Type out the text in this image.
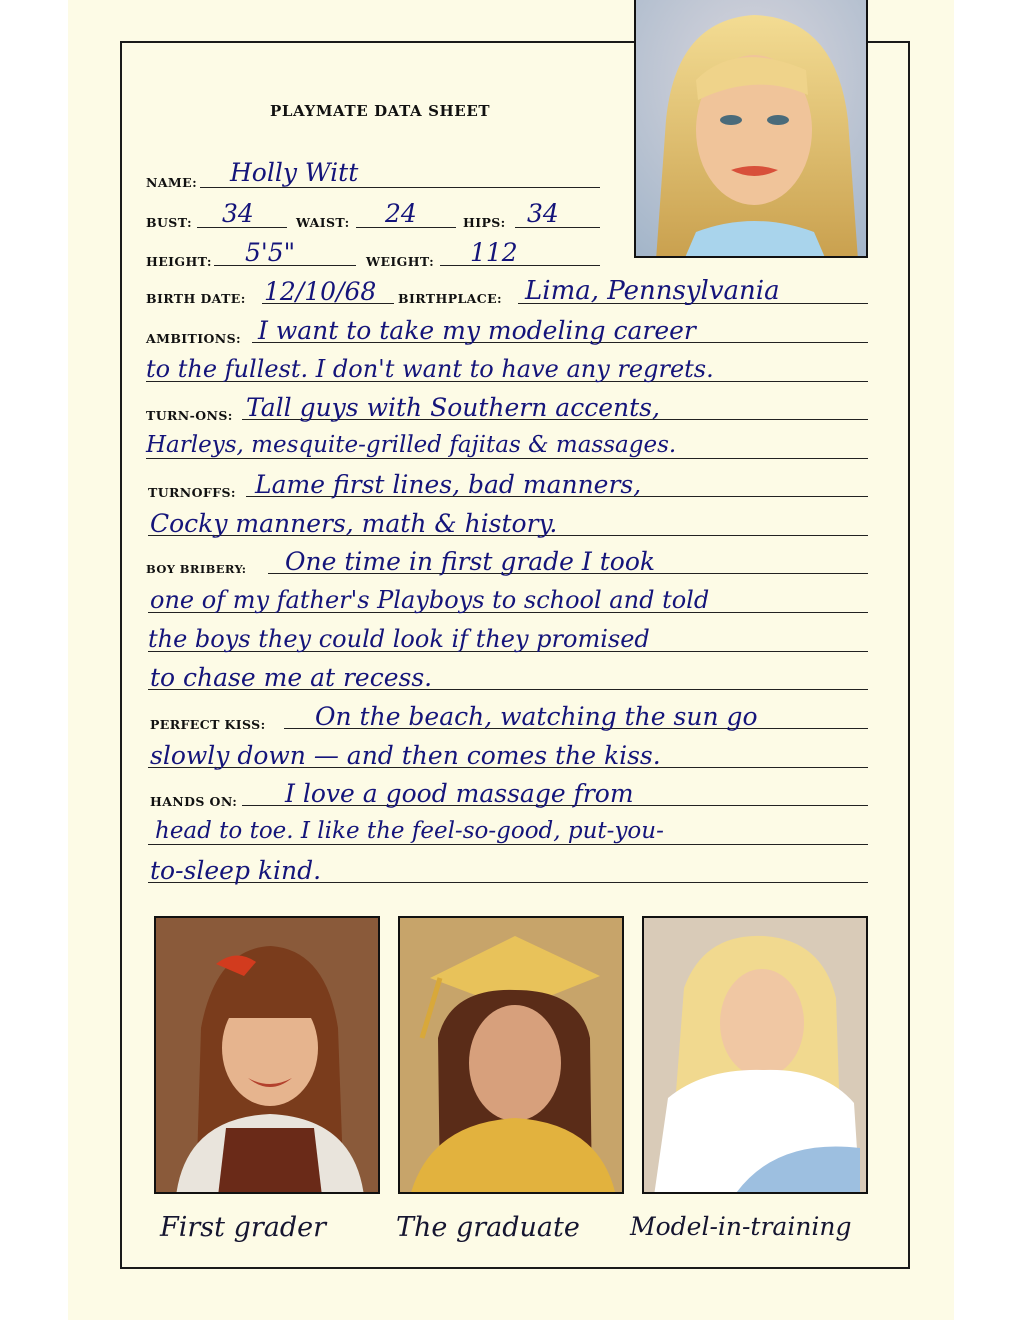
PLAYMATE DATA SHEET
NAME: Holly Witt
BUST: 34	WAIST: 24	HIPS: 34
HEIGHT: 5'5"	WEIGHT: 112
BIRTH DATE: 12/10/68 BIRTHPLACE: Lima, Pennsylvania
AMBITIONS: I want to take my modeling career
to the fullest. I don't want to have any regrets.
TURN-ONS: Tall guys with Southern accents,
Harleys, mesquite-grilled fajitas & massages.
TURNOFFS: Lame first lines, bad manners,
Cocky manners, math & history.
BOY BRIBERY: One time in first grade I took
one of my father's Playboys to school and told
the boys they could look if they promised
to chase me at recess.
PERFECT KISS: On the beach, watching the sun go
slowly down — and then comes the kiss.
HANDS ON: I love a good massage from
head to toe. I like the feel-so-good, put-you-
to-sleep kind.
First grader	The graduate Model-in-training
